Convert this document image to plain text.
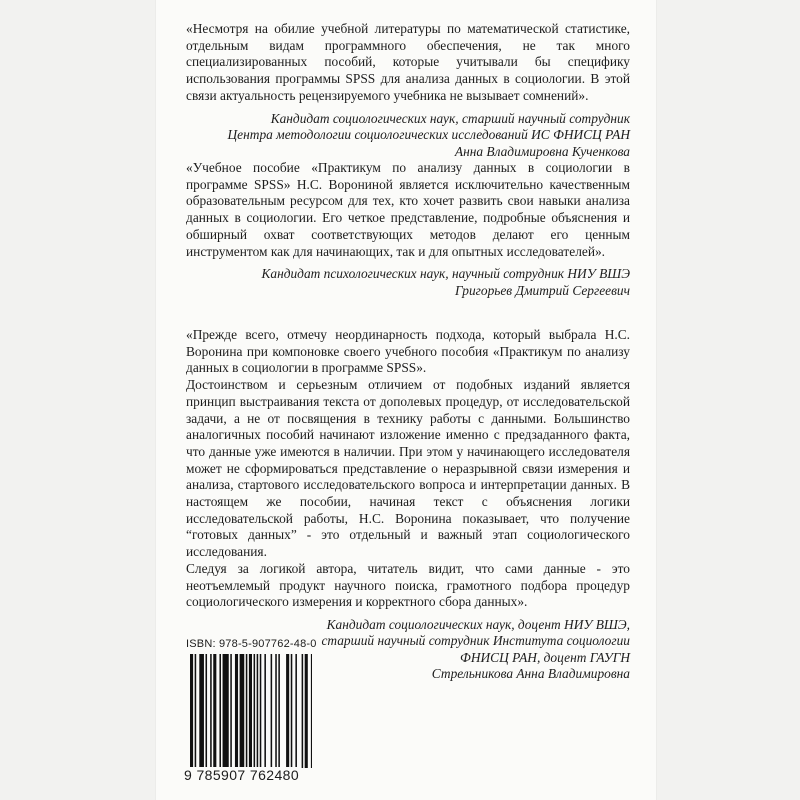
«Несмотря на обилие учебной литературы по математической статистике, отдельным видам программного обеспечения, не так много специализированных пособий, которые учитывали бы специфику использования программы SPSS для анализа данных в социологии. В этой связи актуальность рецензируемого учебника не вызывает сомнений».

Кандидат социологических наук, старший научный сотрудник
Центра методологии социологических исследований ИС ФНИСЦ РАН
Анна Владимировна Кученкова

«Учебное пособие «Практикум по анализу данных в социологии в программе SPSS» Н.С. Ворониной является исключительно качественным образовательным ресурсом для тех, кто хочет развить свои навыки анализа данных в социологии. Его четкое представление, подробные объяснения и обширный охват соответствующих методов делают его ценным инструментом как для начинающих, так и для опытных исследователей».

Кандидат психологических наук, научный сотрудник НИУ ВШЭ
Григорьев Дмитрий Сергеевич

«Прежде всего, отмечу неординарность подхода, который выбрала Н.С. Воронина при компоновке своего учебного пособия «Практикум по анализу данных в социологии в программе SPSS».

Достоинством и серьезным отличием от подобных изданий является принцип выстраивания текста от дополевых процедур, от исследовательской задачи, а не от посвящения в технику работы с данными. Большинство аналогичных пособий начинают изложение именно с предзаданного факта, что данные уже имеются в наличии. При этом у начинающего исследователя может не сформироваться представление о неразрывной связи измерения и анализа, стартового исследовательского вопроса и интерпретации данных. В настоящем же пособии, начиная текст с объяснения логики исследовательской работы, Н.С. Воронина показывает, что получение “готовых данных” - это отдельный и важный этап социологического исследования.

Следуя за логикой автора, читатель видит, что сами данные - это неотъемлемый продукт научного поиска, грамотного подбора процедур социологического измерения и корректного сбора данных».

Кандидат социологических наук, доцент НИУ ВШЭ,
старший научный сотрудник Института социологии
ФНИСЦ РАН, доцент ГАУГН
Стрельникова Анна Владимировна
ISBN: 978-5-907762-48-0
9 785907 762480
